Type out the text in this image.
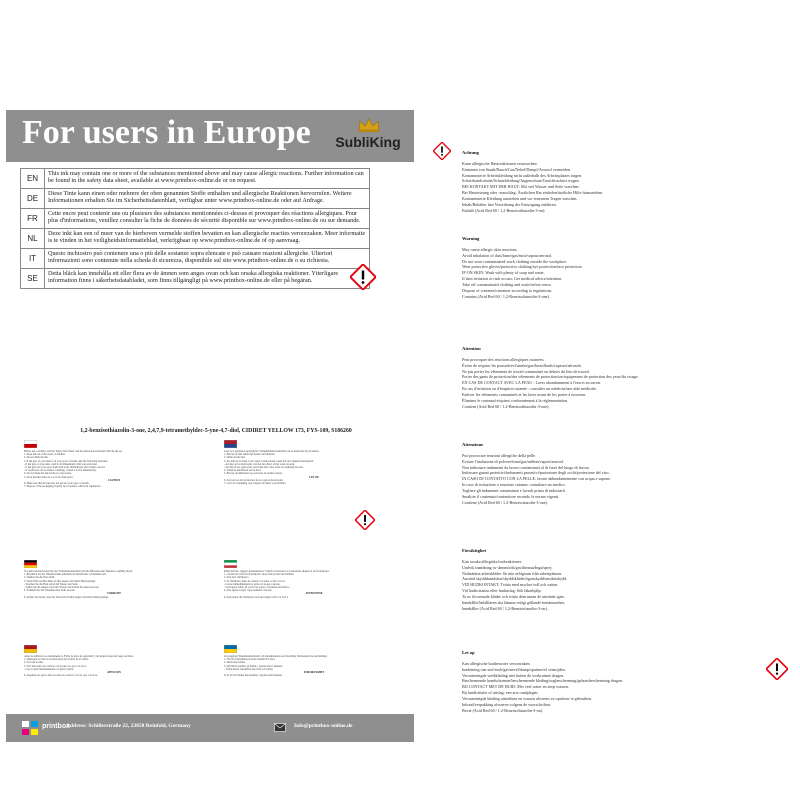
For users in Europe	SubliKing
EN	This ink may contain one or more of the substances mentioned above and may cause allergic reactions. Further information can be found in the safety data sheet, available at www.printbox-online.de or on request.
DE	Diese Tinte kann einen oder mehrere der oben genannten Stoffe enthalten und allergische Reaktionen hervorrufen. Weitere Informationen erhalten Sie im Sicherheitsdatenblatt, verfügbar unter www.printbox-online.de oder auf Anfrage.
FR	Cette encre peut contenir une ou plusieurs des substances mentionnées ci-dessus et provoquer des réactions allergiques. Pour plus d'informations, veuillez consulter la fiche de données de sécurité disponible sur www.printbox-online.de ou sur demande.
NL	Deze inkt kan een of meer van de hierboven vermelde stoffen bevatten en kan allergische reacties veroorzaken. Meer informatie is te vinden in het veiligheidsinformatieblad, verkrijgbaar op www.printbox-online.de of op aanvraag.
IT	Questo inchiostro può contenere una o più delle sostanze sopra elencate e può causare reazioni allergiche. Ulteriori informazioni sono contenute nella scheda di sicurezza, disponibile sul sito www.printbox-online.de o su richiesta.
SE	Detta bläck kan innehålla ett eller flera av de ämnen som anges ovan och kan orsaka allergiska reaktioner. Ytterligare information finns i säkerhetsdatabladet, som finns tillgängligt på www.printbox-online.de eller på begäran.
1,2-benzisothiazolin-3-one, 2,4,7,9-tetramethyldec-5-yne-4,7-diol, CIDIRET YELLOW 173, FYS-109, S186260
Before use, carefully read the 'Safety Data Sheet' and the instructions included with the ink set.
1. Keep ink out of the reach of children.
2. Do not drink the ink.
3. If ink gets on your skin or in your eyes or mouth, take the following measures:
- If ink gets on your skin, wash it off immediately with soap and water.
- If ink gets into your eyes, flush with water immediately and consult a doctor.
- If swallowed, do not induce vomiting, consult a doctor immediately.
4. Do not shake the ink bottles too vigorously.
5. Store the ink bottles in a cool and dark place.
CAUTION
6. Make sure that the ink does not get into your eyes or mouth.
7. Dispose of the packaging properly in accordance with local regulations.
Lees voor gebruik zorgvuldig het 'Veiligheidsinformatieblad' en de instructies bij de inktset.
1. Bewaar de inkt buiten het bereik van kinderen.
2. Drink de inkt niet.
3. Als inkt op uw huid, in uw ogen of mond komt, neem dan de volgende maatregelen:
- Als inkt op uw huid komt, was het dan direct af met water en zeep.
- Als inkt in uw ogen komt, spoel dan direct met water en raadpleeg een arts.
4. Schud de inktflessen niet te hard.
5. Bewaar de inktflessen op een koele en donkere plaats.
LET OP
6. Zorg ervoor dat de inkt niet in uw ogen of mond komt.
7. Gooi de verpakking weg volgens de lokale voorschriften.
Vor dem Gebrauch lesen Sie das 'Sicherheitsdatenblatt' und die Hinweise zum Tintenset sorgfältig durch.
1. Bewahren Sie die Tintenflaschen außerhalb der Reichweite von Kindern auf.
2. Trinken Sie die Tinte nicht.
3. Wenn Tinte auf Ihre Haut, in Ihre Augen oder Ihren Mund gelangt:
- Waschen Sie die Haut sofort mit Wasser und Seife.
- Spülen Sie die Augen sofort mit Wasser und suchen Sie einen Arzt auf.
4. Schütteln Sie die Tintenflaschen nicht zu stark.
VORSICHT
6. Achten Sie darauf, dass die Tinte nicht in Ihre Augen oder Ihren Mund gelangt.
Prima dell'uso, leggere attentamente la 'Scheda di sicurezza' e le istruzioni allegate al set di inchiostri.
1. Conservare i flaconi di inchiostro fuori dalla portata dei bambini.
2. Non bere l'inchiostro.
3. Se l'inchiostro entra in contatto con pelle, occhi o bocca:
- Lavare immediatamente la pelle con acqua e sapone.
- Sciacquare subito gli occhi con acqua e consultare un medico.
4. Non agitare troppo vigorosamente i flaconi.
ATTENZIONE
6. Assicurarsi che l'inchiostro non entri negli occhi o in bocca.
Antes de utilizarlo, lea atentamente la 'Ficha de datos de seguridad' y las instrucciones del juego de tintas.
1. Mantenga los frascos de tinta fuera del alcance de los niños.
2. No beba la tinta.
3. Si la tinta entra en contacto con la piel, los ojos o la boca:
- Lave la piel inmediatamente con agua y jabón.
ATENCIÓN
6. Asegúrese de que la tinta no entre en contacto con los ojos o la boca.
Läs noggrant 'Säkerhetsdatabladet' och instruktionerna som medföljer bläcksatsen före användning.
1. Förvara bläckflaskorna utom räckhåll för barn.
2. Drick inte bläcket.
3. Om bläck kommer på huden, i ögonen eller i munnen:
- Tvätta huden omedelbart med tvål och vatten.
FÖRSIKTIGHET
6. Se till att bläcket inte kommer i ögonen eller munnen.
printbox
Address: Schillerstraße 22, 23858 Reinfeld, Germany	Info@printbox-online.de
Achtung
Kann allergische Hautreaktionen verursachen.
Einatmen von Staub/Rauch/Gas/Nebel/Dampf/Aerosol vermeiden.
Kontaminierte Arbeitskleidung nicht außerhalb des Arbeitsplatzes tragen.
Schutzhandschuhe/Schutzkleidung/Augenschutz/Gesichtsschutz tragen.
BEI KONTAKT MIT DER HAUT: Mit viel Wasser und Seife waschen.
Bei Hautreizung oder -ausschlag: Ärztlichen Rat einholen/ärztliche Hilfe hinzuziehen.
Kontaminierte Kleidung ausziehen und vor erneutem Tragen waschen.
Inhalt/Behälter laut Verordnung der Entsorgung zuführen.
Enthält (Acid Red 60 / 1,2-Benzisothiazolin-3-on).
Warning
May cause allergic skin reactions.
Avoid inhalation of dust/fume/gas/mist/vapour/aerosol.
Do not wear contaminated work clothing outside the workplace.
Wear protective gloves/protective clothing/eye protection/face protection.
IF ON SKIN: Wash with plenty of soap and water.
If skin irritation or rash occurs: Get medical advice/attention.
Take off contaminated clothing and wash before reuse.
Dispose of contents/container according to regulations.
Contains (Acid Red 60 / 1,2-Benzisothiazolin-3-one).
Attention
Peut provoquer des réactions allergiques cutanées.
Éviter de respirer les poussières/fumées/gaz/brouillards/vapeurs/aérosols.
Ne pas porter les vêtements de travail contaminés en dehors du lieu de travail.
Porter des gants de protection/des vêtements de protection/un équipement de protection des yeux/du visage.
EN CAS DE CONTACT AVEC LA PEAU : Laver abondamment à l'eau et au savon.
En cas d'irritation ou d'éruption cutanée : consulter un médecin/une aide médicale.
Enlever les vêtements contaminés et les laver avant de les porter à nouveau.
Éliminer le contenu/récipient conformément à la réglementation.
Contient (Acid Red 60 / 1,2-Benzisothiazolin-3-one).
Attenzione
Può provocare reazioni allergiche della pelle.
Evitare l'inalazione di polvere/fumi/gas/nebbia/vapori/aerosol.
Non indossare indumenti da lavoro contaminati al di fuori del luogo di lavoro.
Indossare guanti protettivi/indumenti protettivi/protezione degli occhi/protezione del viso.
IN CASO DI CONTATTO CON LA PELLE: lavare abbondantemente con acqua e sapone.
In caso di irritazione o eruzione cutanea: consultare un medico.
Togliere gli indumenti contaminati e lavarli prima di indossarli.
Smaltire il contenuto/contenitore secondo le norme vigenti.
Contiene (Acid Red 60 / 1,2-Benzisotiazolin-3-one).
Försiktighet
Kan orsaka allergiska hudreaktioner.
Undvik inandning av damm/rök/gas/dimma/ånga/sprej.
Nedstänkta arbetskläder får inte avlägsnas från arbetsplatsen.
Använd skyddshandskar/skyddskläder/ögonskydd/ansiktsskydd.
VID HUDKONTAKT: Tvätta med mycket tvål och vatten.
Vid hudirritation eller hudutslag: Sök läkarhjälp.
Ta av förorenade kläder och tvätta dem innan de används igen.
Innehållet/behållaren ska lämnas enligt gällande bestämmelser.
Innehåller (Acid Red 60 / 1,2-Bensisotiazolin-3-on).
Let op
Kan allergische huidreacties veroorzaken.
Inademing van stof/rook/gas/nevel/damp/spuitnevel vermijden.
Verontreinigde werkkleding niet buiten de werkruimte dragen.
Beschermende handschoenen/beschermende kleding/oogbescherming/gelaatsbescherming dragen.
BIJ CONTACT MET DE HUID: Met veel water en zeep wassen.
Bij huidirritatie of uitslag: een arts raadplegen.
Verontreinigde kleding uittrekken en wassen alvorens ze opnieuw te gebruiken.
Inhoud/verpakking afvoeren volgens de voorschriften.
Bevat (Acid Red 60 / 1,2-Benzisothiazolin-3-on).
